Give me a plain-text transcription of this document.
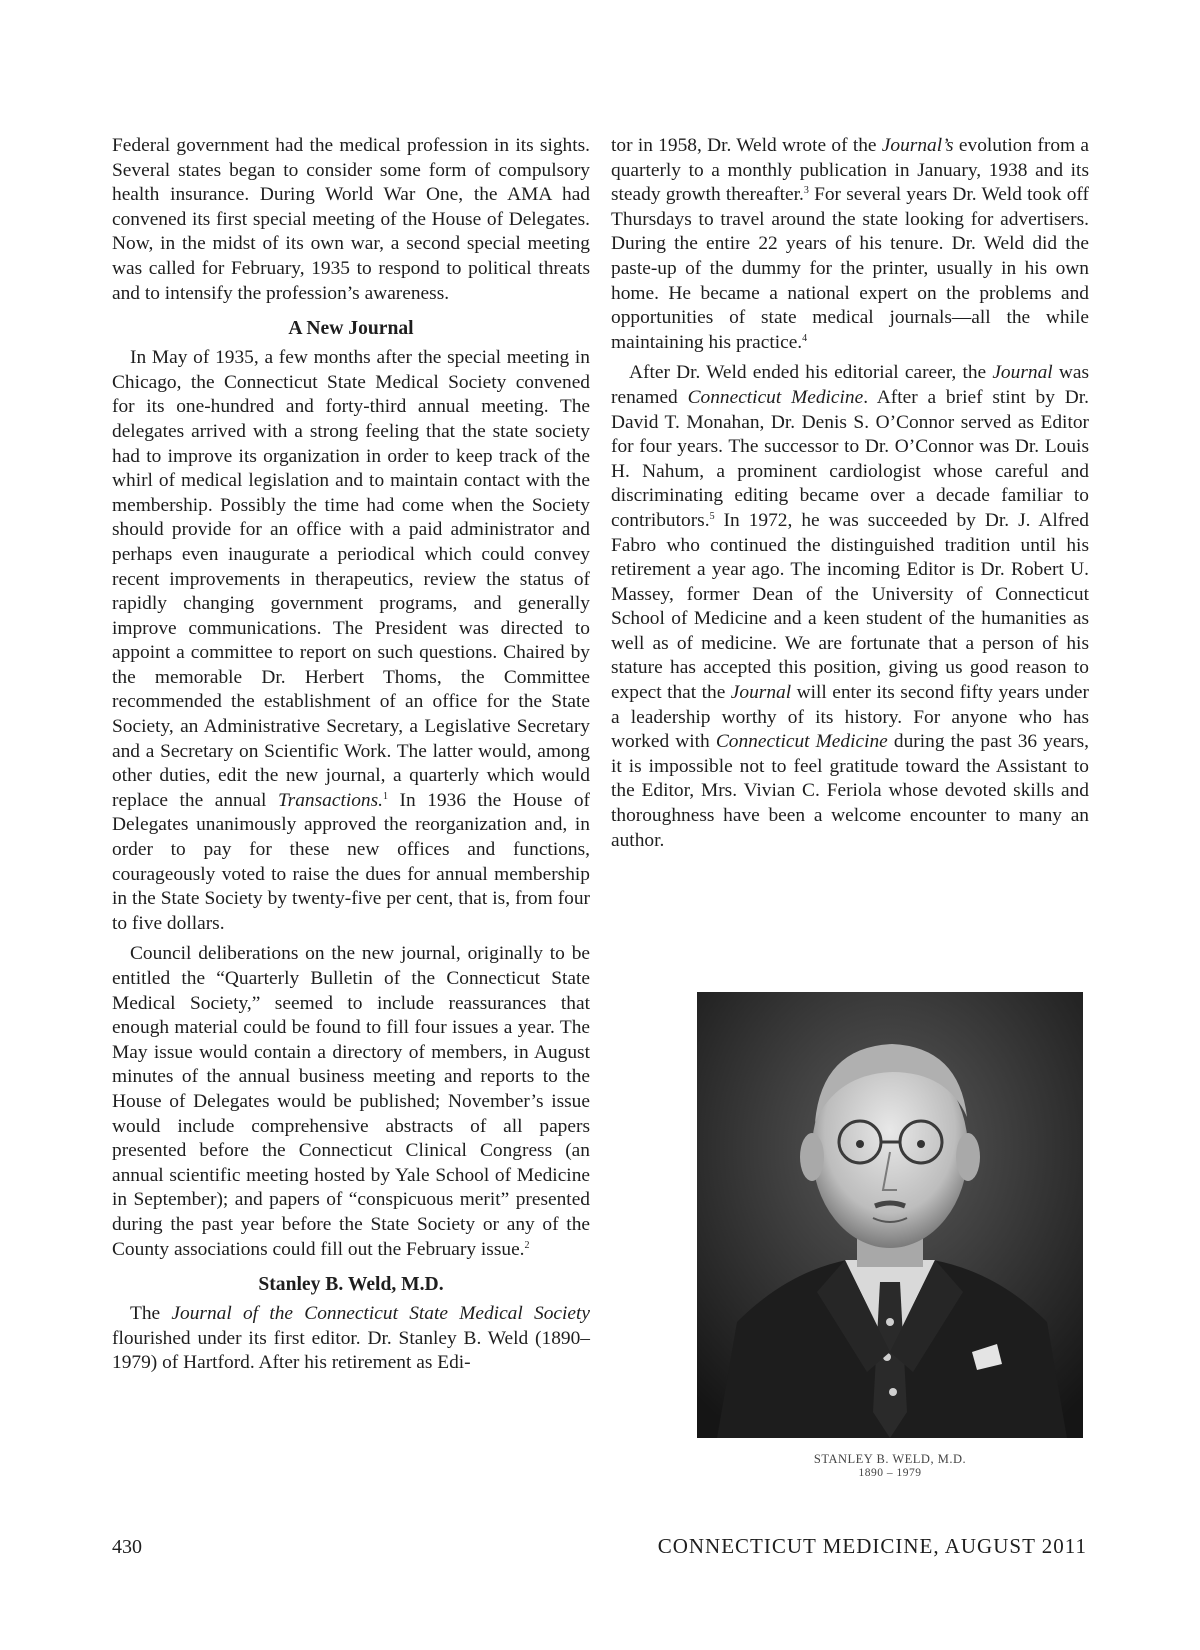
Federal government had the medical profession in its sights. Several states began to consider some form of compulsory health insurance. During World War One, the AMA had convened its first special meeting of the House of Delegates. Now, in the midst of its own war, a second special meeting was called for February, 1935 to respond to political threats and to intensify the profession’s awareness.

A New Journal

In May of 1935, a few months after the special meeting in Chicago, the Connecticut State Medical Society convened for its one-hundred and forty-third annual meeting. The delegates arrived with a strong feeling that the state society had to improve its organization in order to keep track of the whirl of medical legislation and to maintain contact with the membership. Possibly the time had come when the Society should provide for an office with a paid administrator and perhaps even inaugurate a periodical which could convey recent improvements in therapeutics, review the status of rapidly changing government programs, and generally improve communications. The President was directed to appoint a committee to report on such questions. Chaired by the memorable Dr. Herbert Thoms, the Committee recommended the establishment of an office for the State Society, an Administrative Secretary, a Legislative Secretary and a Secretary on Scientific Work. The latter would, among other duties, edit the new journal, a quarterly which would replace the annual Transactions.$^1$ In 1936 the House of Delegates unanimously approved the reorganization and, in order to pay for these new offices and functions, courageously voted to raise the dues for annual membership in the State Society by twenty-five per cent, that is, from four to five dollars.

Council deliberations on the new journal, originally to be entitled the “Quarterly Bulletin of the Connecticut State Medical Society,” seemed to include reassurances that enough material could be found to fill four issues a year. The May issue would contain a directory of members, in August minutes of the annual business meeting and reports to the House of Delegates would be published; November’s issue would include comprehensive abstracts of all papers presented before the Connecticut Clinical Congress (an annual scientific meeting hosted by Yale School of Medicine in September); and papers of “conspicuous merit” presented during the past year before the State Society or any of the County associations could fill out the February issue.$^2$

Stanley B. Weld, M.D.

The Journal of the Connecticut State Medical Society flourished under its first editor. Dr. Stanley B. Weld (1890–1979) of Hartford. After his retirement as Edi-

tor in 1958, Dr. Weld wrote of the Journal’s evolution from a quarterly to a monthly publication in January, 1938 and its steady growth thereafter.$^3$ For several years Dr. Weld took off Thursdays to travel around the state looking for advertisers. During the entire 22 years of his tenure. Dr. Weld did the paste-up of the dummy for the printer, usually in his own home. He became a national expert on the problems and opportunities of state medical journals—all the while maintaining his practice.$^4$

After Dr. Weld ended his editorial career, the Journal was renamed Connecticut Medicine. After a brief stint by Dr. David T. Monahan, Dr. Denis S. O’Connor served as Editor for four years. The successor to Dr. O’Connor was Dr. Louis H. Nahum, a prominent cardiologist whose careful and discriminating editing became over a decade familiar to contributors.$^5$ In 1972, he was succeeded by Dr. J. Alfred Fabro who continued the distinguished tradition until his retirement a year ago. The incoming Editor is Dr. Robert U. Massey, former Dean of the University of Connecticut School of Medicine and a keen student of the humanities as well as of medicine. We are fortunate that a person of his stature has accepted this position, giving us good reason to expect that the Journal will enter its second fifty years under a leadership worthy of its history. For anyone who has worked with Connecticut Medicine during the past 36 years, it is impossible not to feel gratitude toward the Assistant to the Editor, Mrs. Vivian C. Feriola whose devoted skills and thoroughness have been a welcome encounter to many an author.

STANLEY B. WELD, M.D.
1890 – 1979
430	CONNECTICUT MEDICINE, AUGUST 2011
